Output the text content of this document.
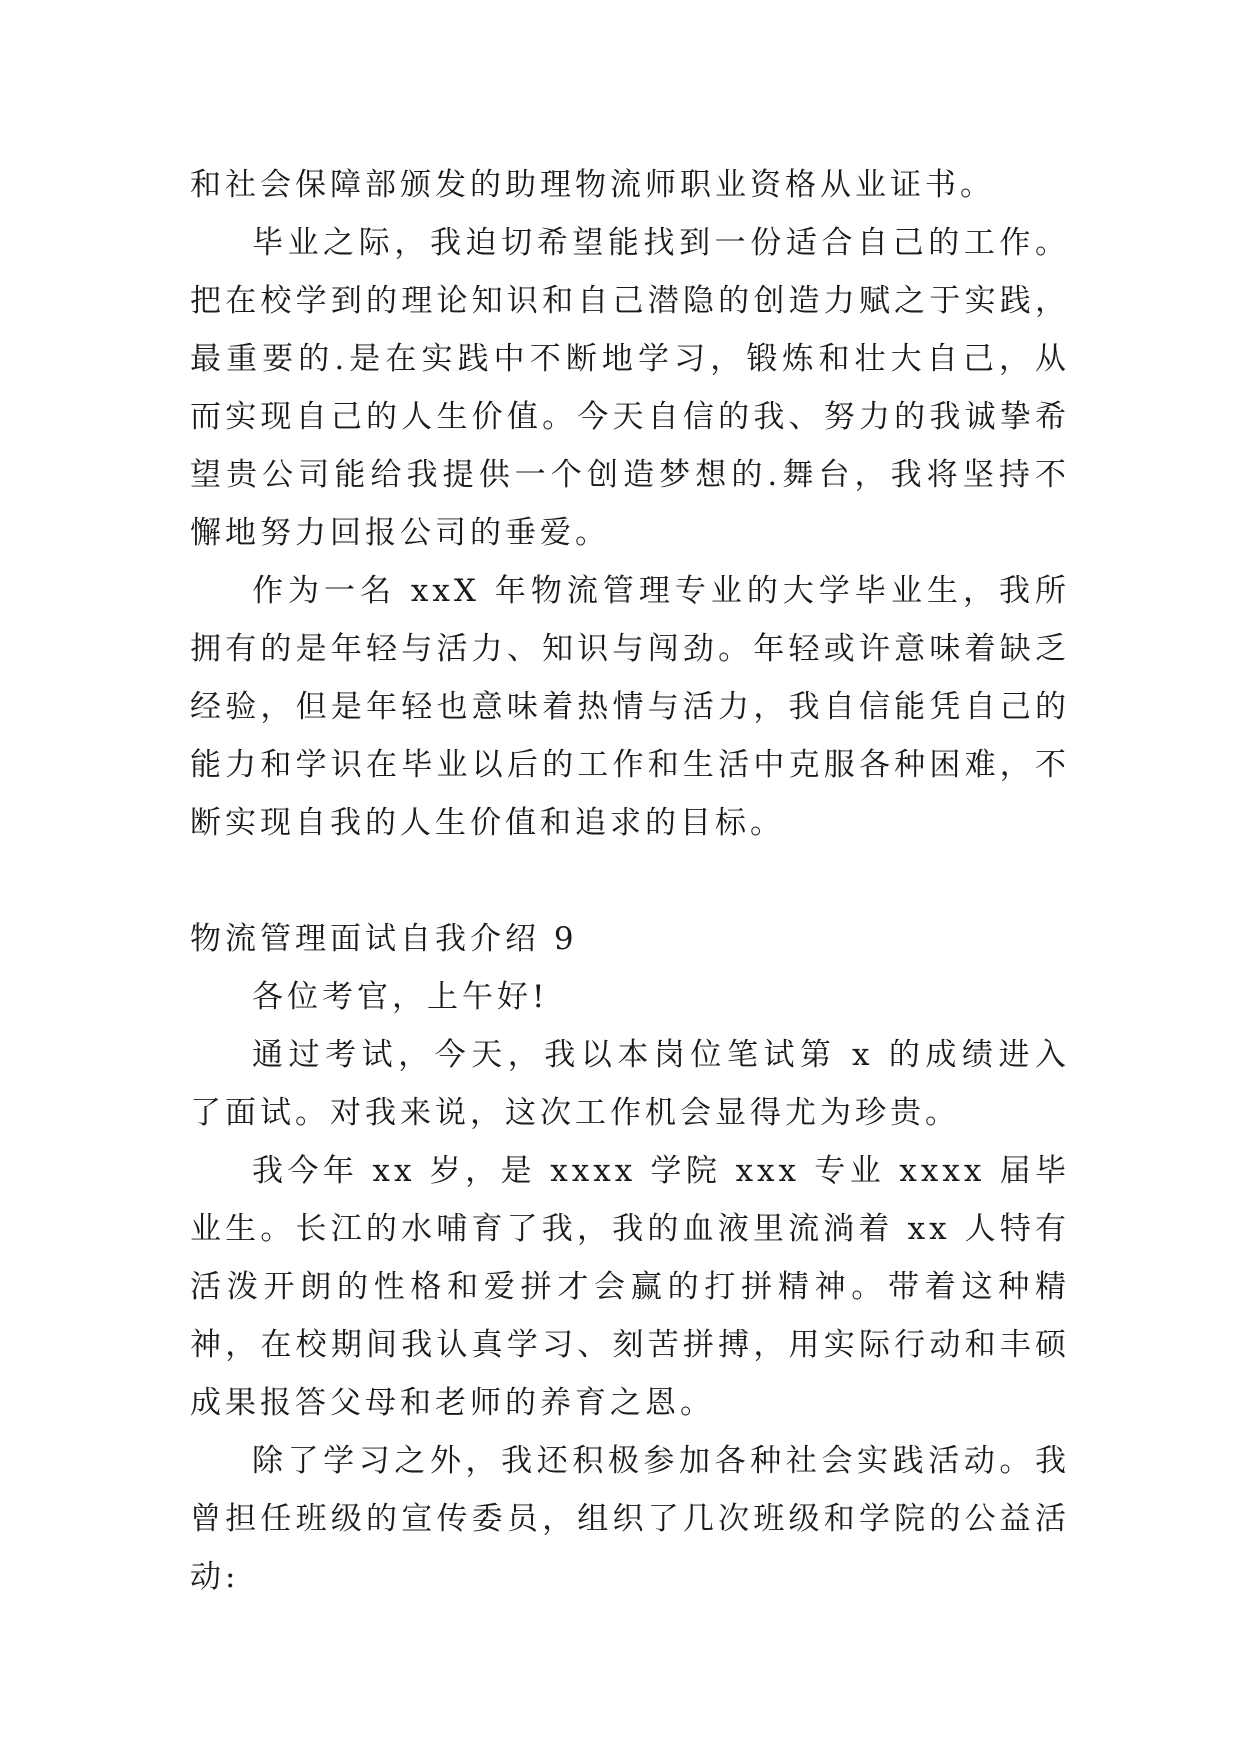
和社会保障部颁发的助理物流师职业资格从业证书。

毕业之际，我迫切希望能找到一份适合自己的工作。把在校学到的理论知识和自己潜隐的创造力赋之于实践，最重要的.是在实践中不断地学习，锻炼和壮大自己，从而实现自己的人生价值。今天自信的我、努力的我诚挚希望贵公司能给我提供一个创造梦想的.舞台，我将坚持不懈地努力回报公司的垂爱。

作为一名 xxX 年物流管理专业的大学毕业生，我所拥有的是年轻与活力、知识与闯劲。年轻或许意味着缺乏经验，但是年轻也意味着热情与活力，我自信能凭自己的能力和学识在毕业以后的工作和生活中克服各种困难，不断实现自我的人生价值和追求的目标。

物流管理面试自我介绍 9

各位考官，上午好!

通过考试，今天，我以本岗位笔试第 x 的成绩进入了面试。对我来说，这次工作机会显得尤为珍贵。

我今年 xx 岁，是 xxxx 学院 xxx 专业 xxxx 届毕业生。长江的水哺育了我，我的血液里流淌着 xx 人特有活泼开朗的性格和爱拼才会赢的打拼精神。带着这种精神，在校期间我认真学习、刻苦拼搏，用实际行动和丰硕成果报答父母和老师的养育之恩。

除了学习之外，我还积极参加各种社会实践活动。我曾担任班级的宣传委员，组织了几次班级和学院的公益活动:
